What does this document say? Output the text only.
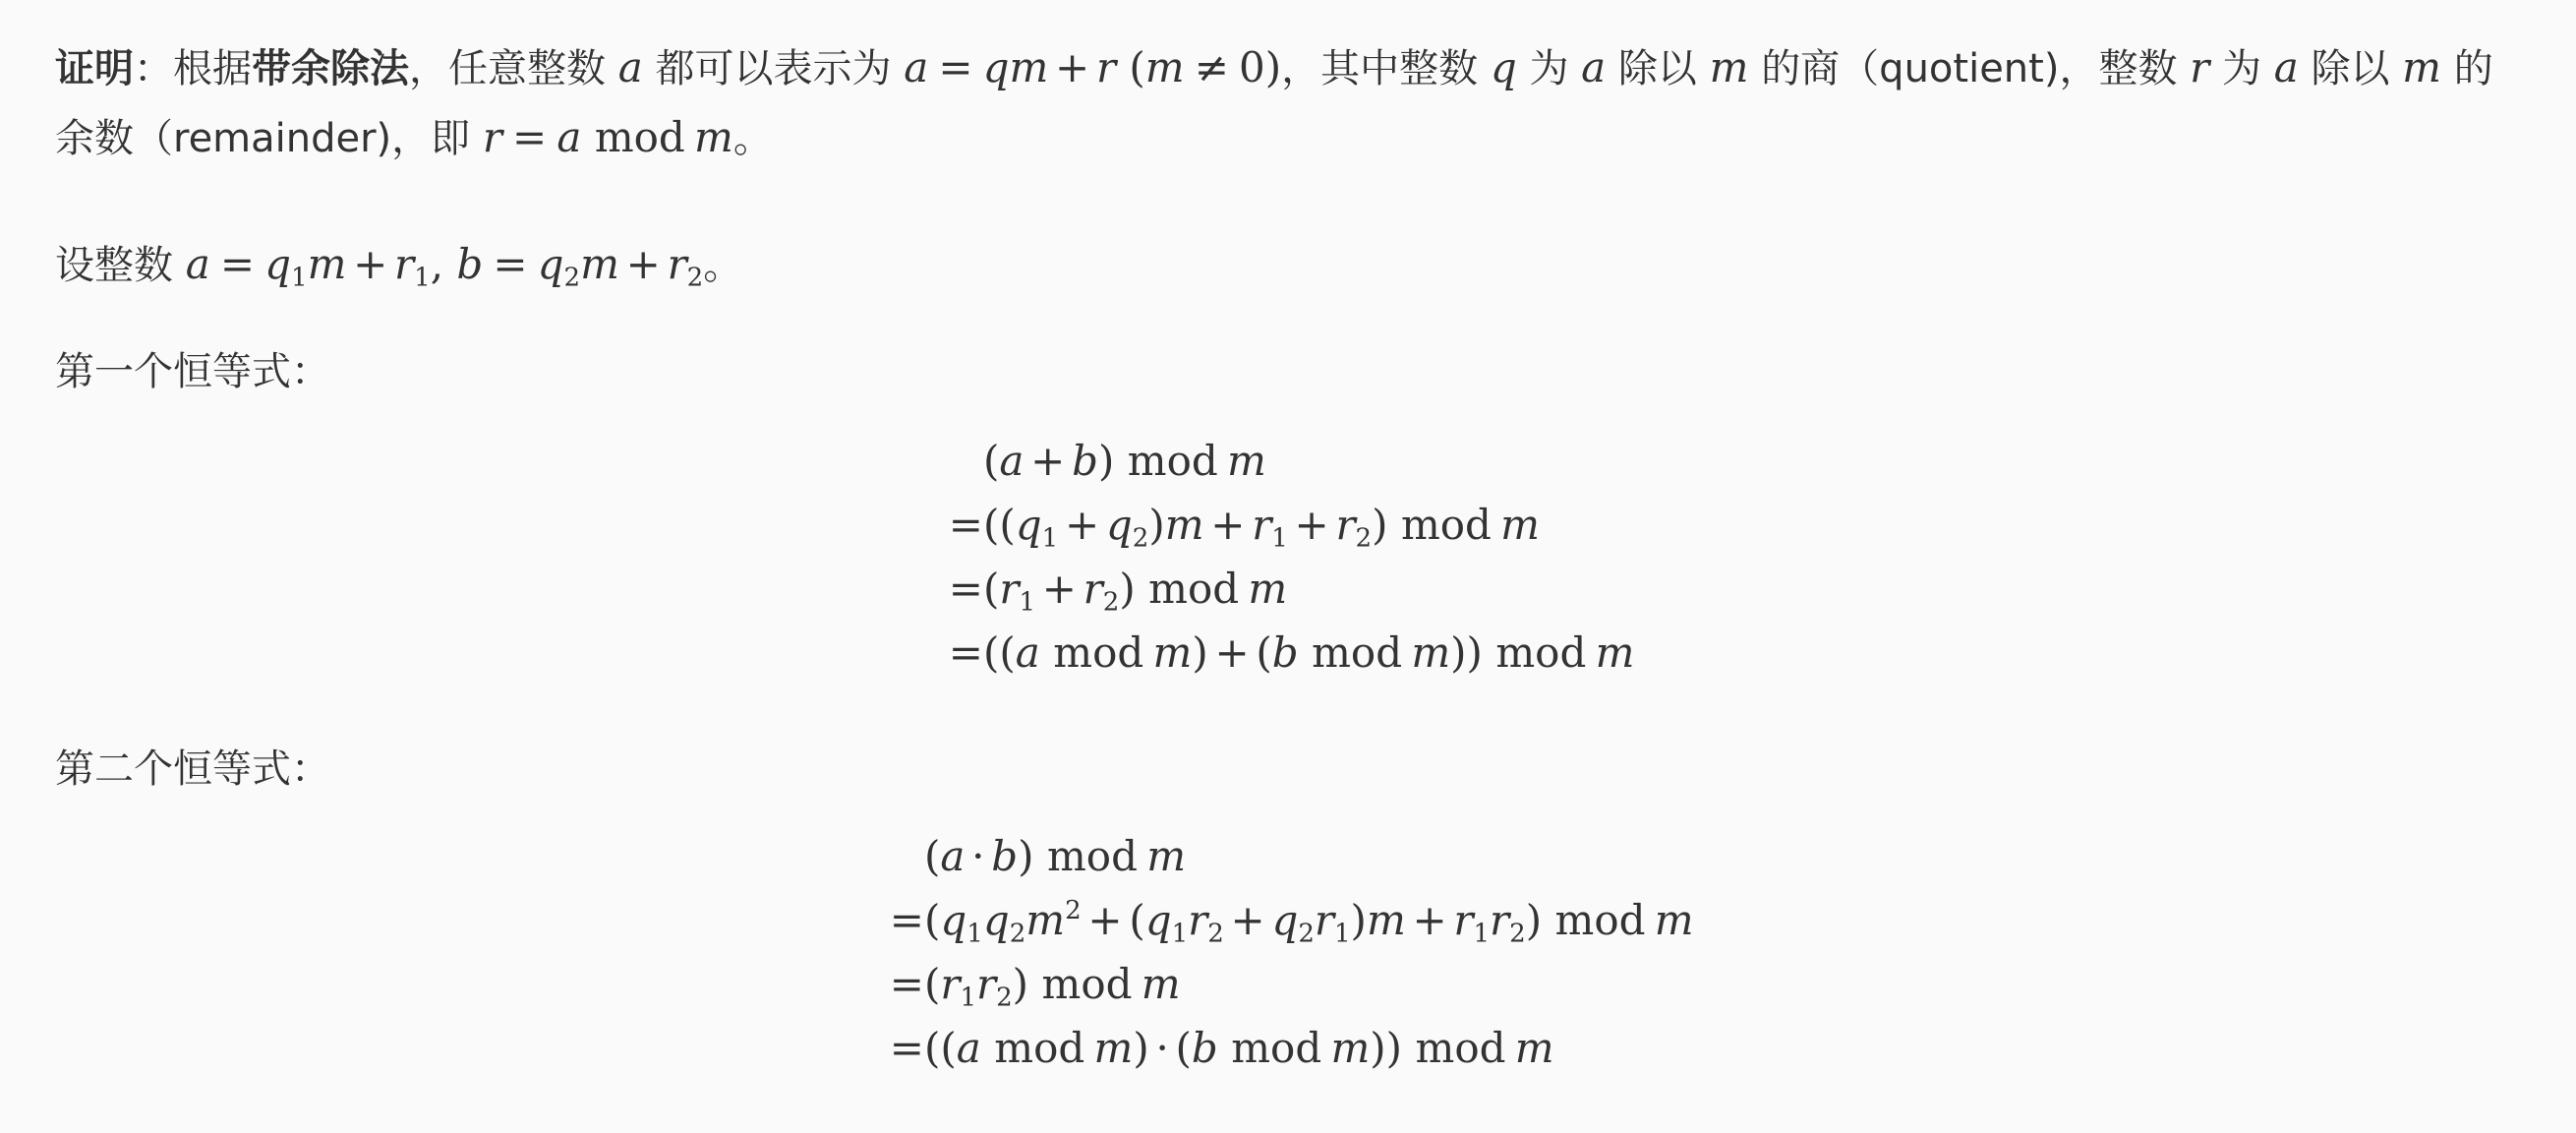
证明：根据带余除法，任意整数 a 都可以表示为 a = qm + r (m ≠ 0)，其中整数 q 为 a 除以 m 的商（quotient)，整数 r 为 a 除以 m 的余数（remainder)，即 r = a mod m。

设整数 $a = q_1m + r_1$, $b = q_2m + r_2$。

第一个恒等式：

(a + b) mod m
= $((q_1 + q_2)m + r_1 + r_2)$ mod m
= $(r_1 + r_2)$ mod m
= ((a mod m) + (b mod m)) mod m

第二个恒等式：

(a · b) mod m
= $(q_1q_2m^2 + (q_1r_2 + q_2r_1)m + r_1r_2)$ mod m
= $(r_1r_2)$ mod m
= ((a mod m) · (b mod m)) mod m
